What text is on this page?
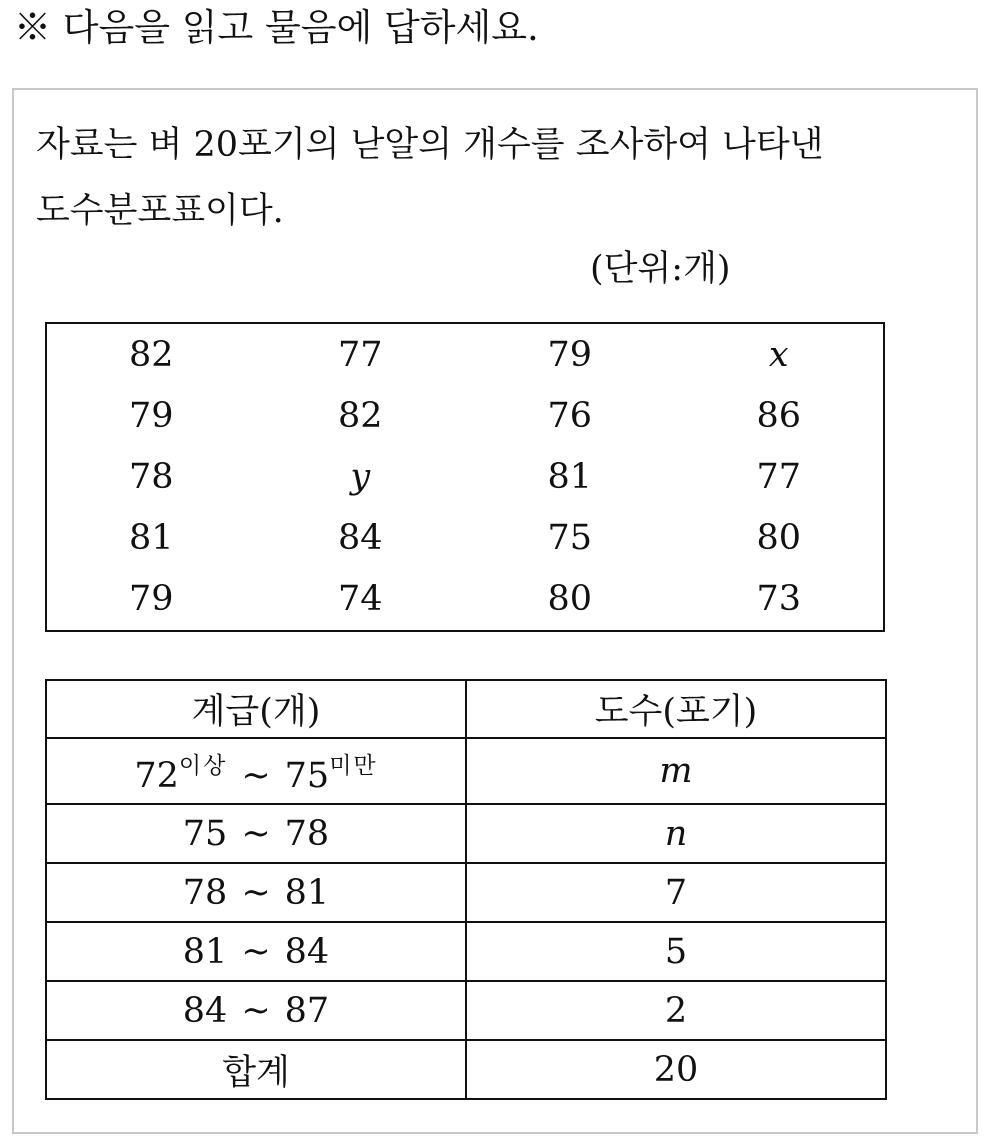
※ 다음을 읽고 물음에 답하세요.
자료는 벼 20포기의 낟알의 개수를 조사하여 나타낸
도수분포표이다.
(단위:개)
82	77	79	x
79	82	76	86
78	y	81	77
81	84	75	80
79	74	80	73
계급(개)	도수(포기)
$72^{이상}$ ~ $75^{미만}$	m
75 ~ 78	n
78 ~ 81	7
81 ~ 84	5
84 ~ 87	2
합계	20
